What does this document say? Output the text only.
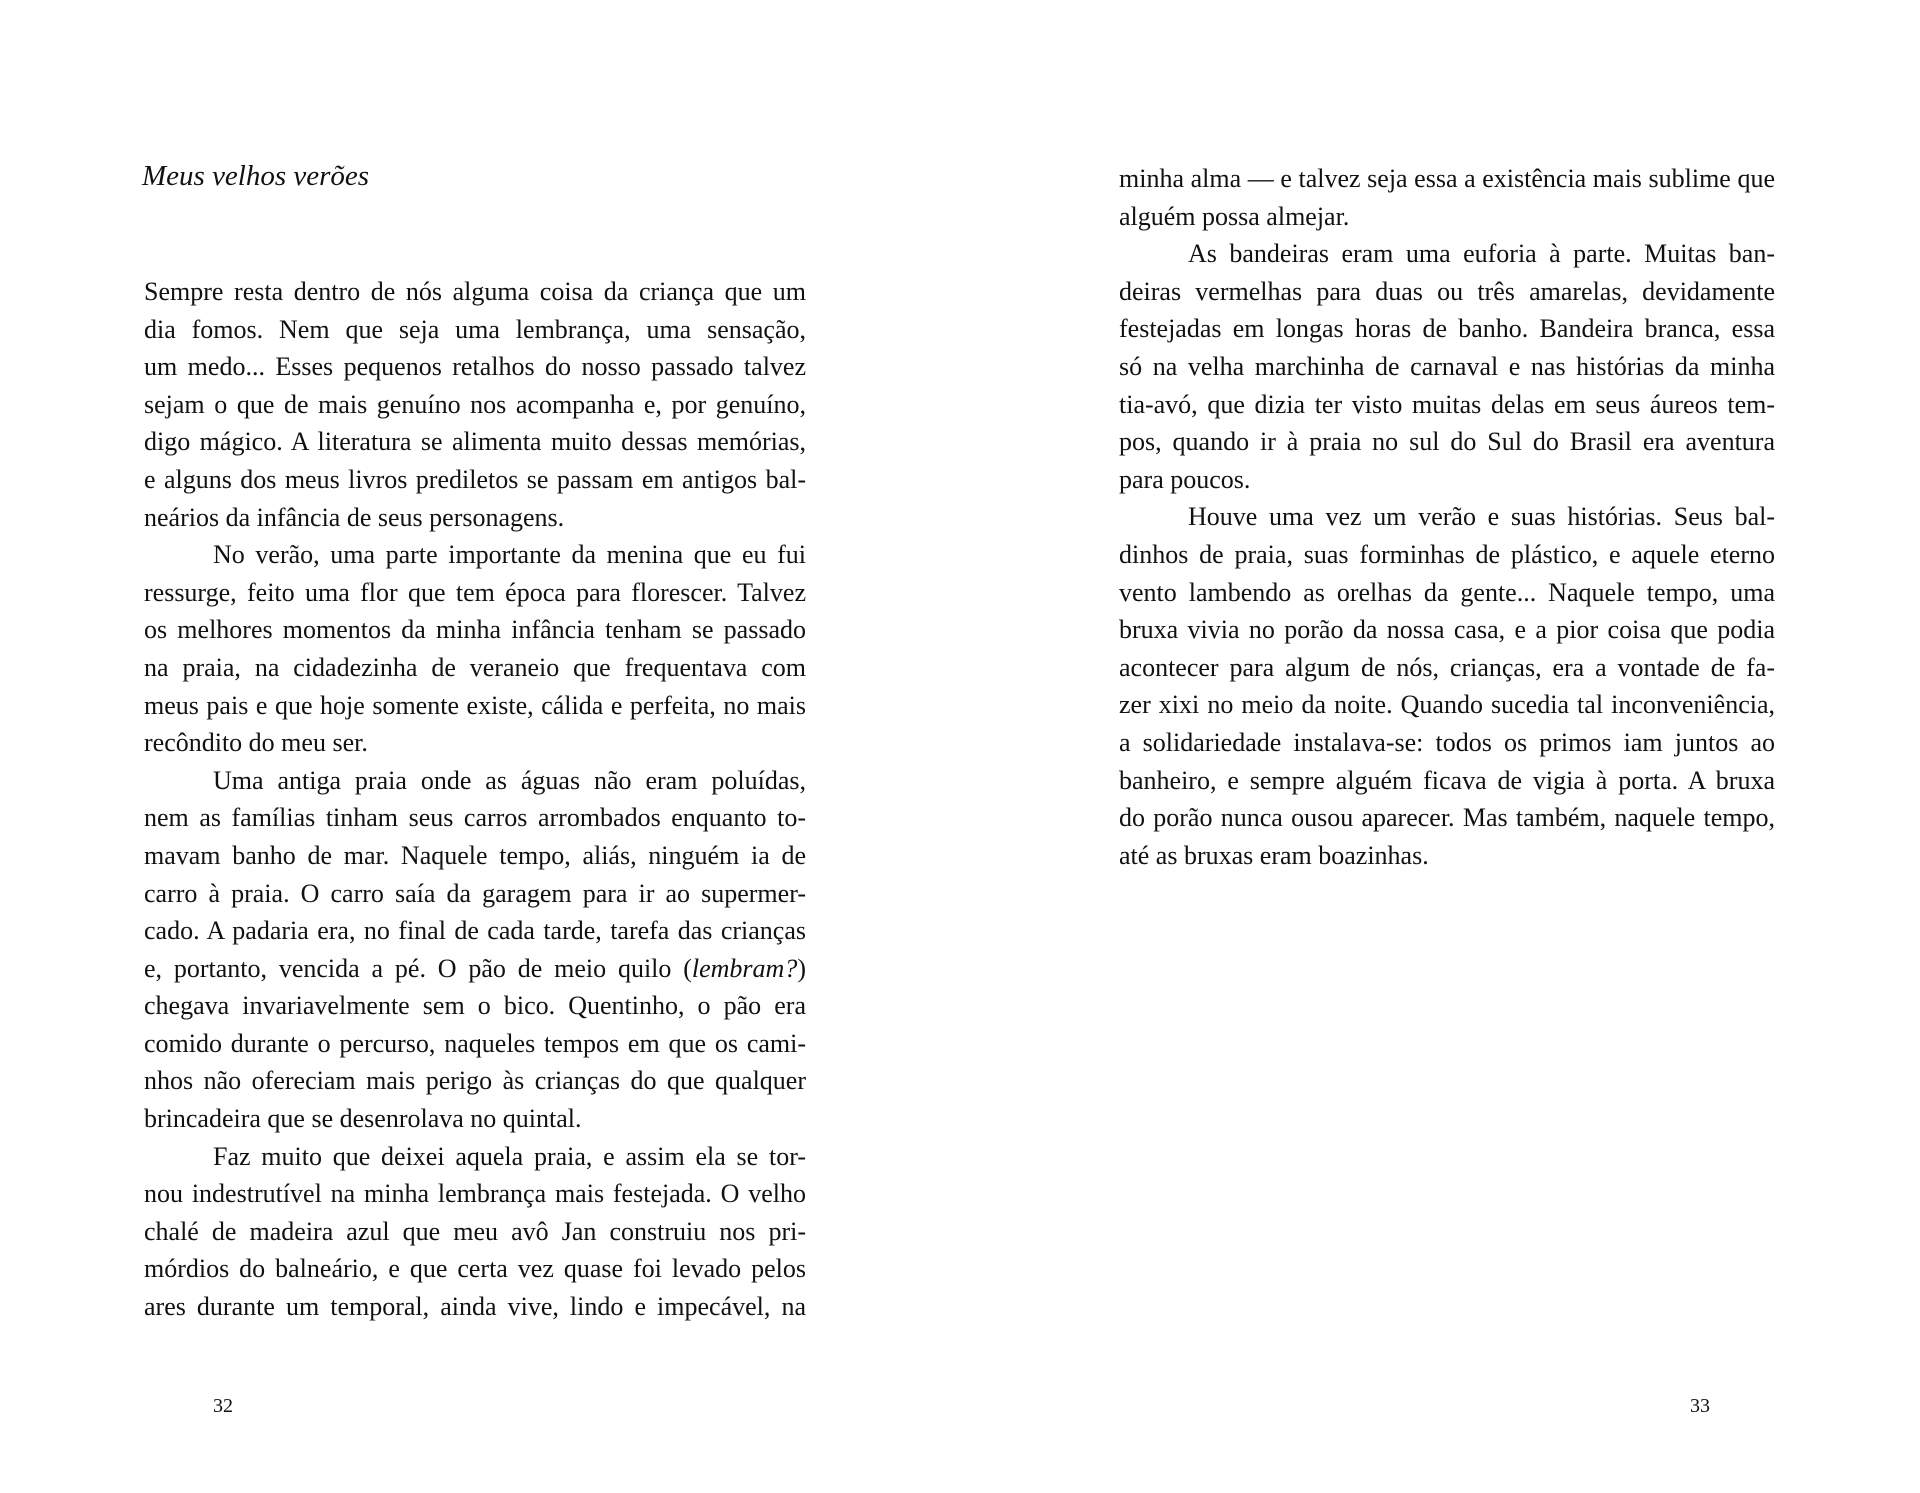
Meus velhos verões

Sempre resta dentro de nós alguma coisa da criança que um
dia fomos. Nem que seja uma lembrança, uma sensação,
um medo... Esses pequenos retalhos do nosso passado talvez
sejam o que de mais genuíno nos acompanha e, por genuíno,
digo mágico. A literatura se alimenta muito dessas memórias,
e alguns dos meus livros prediletos se passam em antigos bal-
neários da infância de seus personagens.

No verão, uma parte importante da menina que eu fui
ressurge, feito uma flor que tem época para florescer. Talvez
os melhores momentos da minha infância tenham se passado
na praia, na cidadezinha de veraneio que frequentava com
meus pais e que hoje somente existe, cálida e perfeita, no mais
recôndito do meu ser.

Uma antiga praia onde as águas não eram poluídas,
nem as famílias tinham seus carros arrombados enquanto to-
mavam banho de mar. Naquele tempo, aliás, ninguém ia de
carro à praia. O carro saía da garagem para ir ao supermer-
cado. A padaria era, no final de cada tarde, tarefa das crianças
e, portanto, vencida a pé. O pão de meio quilo (lembram?)
chegava invariavelmente sem o bico. Quentinho, o pão era
comido durante o percurso, naqueles tempos em que os cami-
nhos não ofereciam mais perigo às crianças do que qualquer
brincadeira que se desenrolava no quintal.

Faz muito que deixei aquela praia, e assim ela se tor-
nou indestrutível na minha lembrança mais festejada. O velho
chalé de madeira azul que meu avô Jan construiu nos pri-
mórdios do balneário, e que certa vez quase foi levado pelos
ares durante um temporal, ainda vive, lindo e impecável, na

32

minha alma — e talvez seja essa a existência mais sublime que
alguém possa almejar.

As bandeiras eram uma euforia à parte. Muitas ban-
deiras vermelhas para duas ou três amarelas, devidamente
festejadas em longas horas de banho. Bandeira branca, essa
só na velha marchinha de carnaval e nas histórias da minha
tia-avó, que dizia ter visto muitas delas em seus áureos tem-
pos, quando ir à praia no sul do Sul do Brasil era aventura
para poucos.

Houve uma vez um verão e suas histórias. Seus bal-
dinhos de praia, suas forminhas de plástico, e aquele eterno
vento lambendo as orelhas da gente... Naquele tempo, uma
bruxa vivia no porão da nossa casa, e a pior coisa que podia
acontecer para algum de nós, crianças, era a vontade de fa-
zer xixi no meio da noite. Quando sucedia tal inconveniência,
a solidariedade instalava-se: todos os primos iam juntos ao
banheiro, e sempre alguém ficava de vigia à porta. A bruxa
do porão nunca ousou aparecer. Mas também, naquele tempo,
até as bruxas eram boazinhas.

33
